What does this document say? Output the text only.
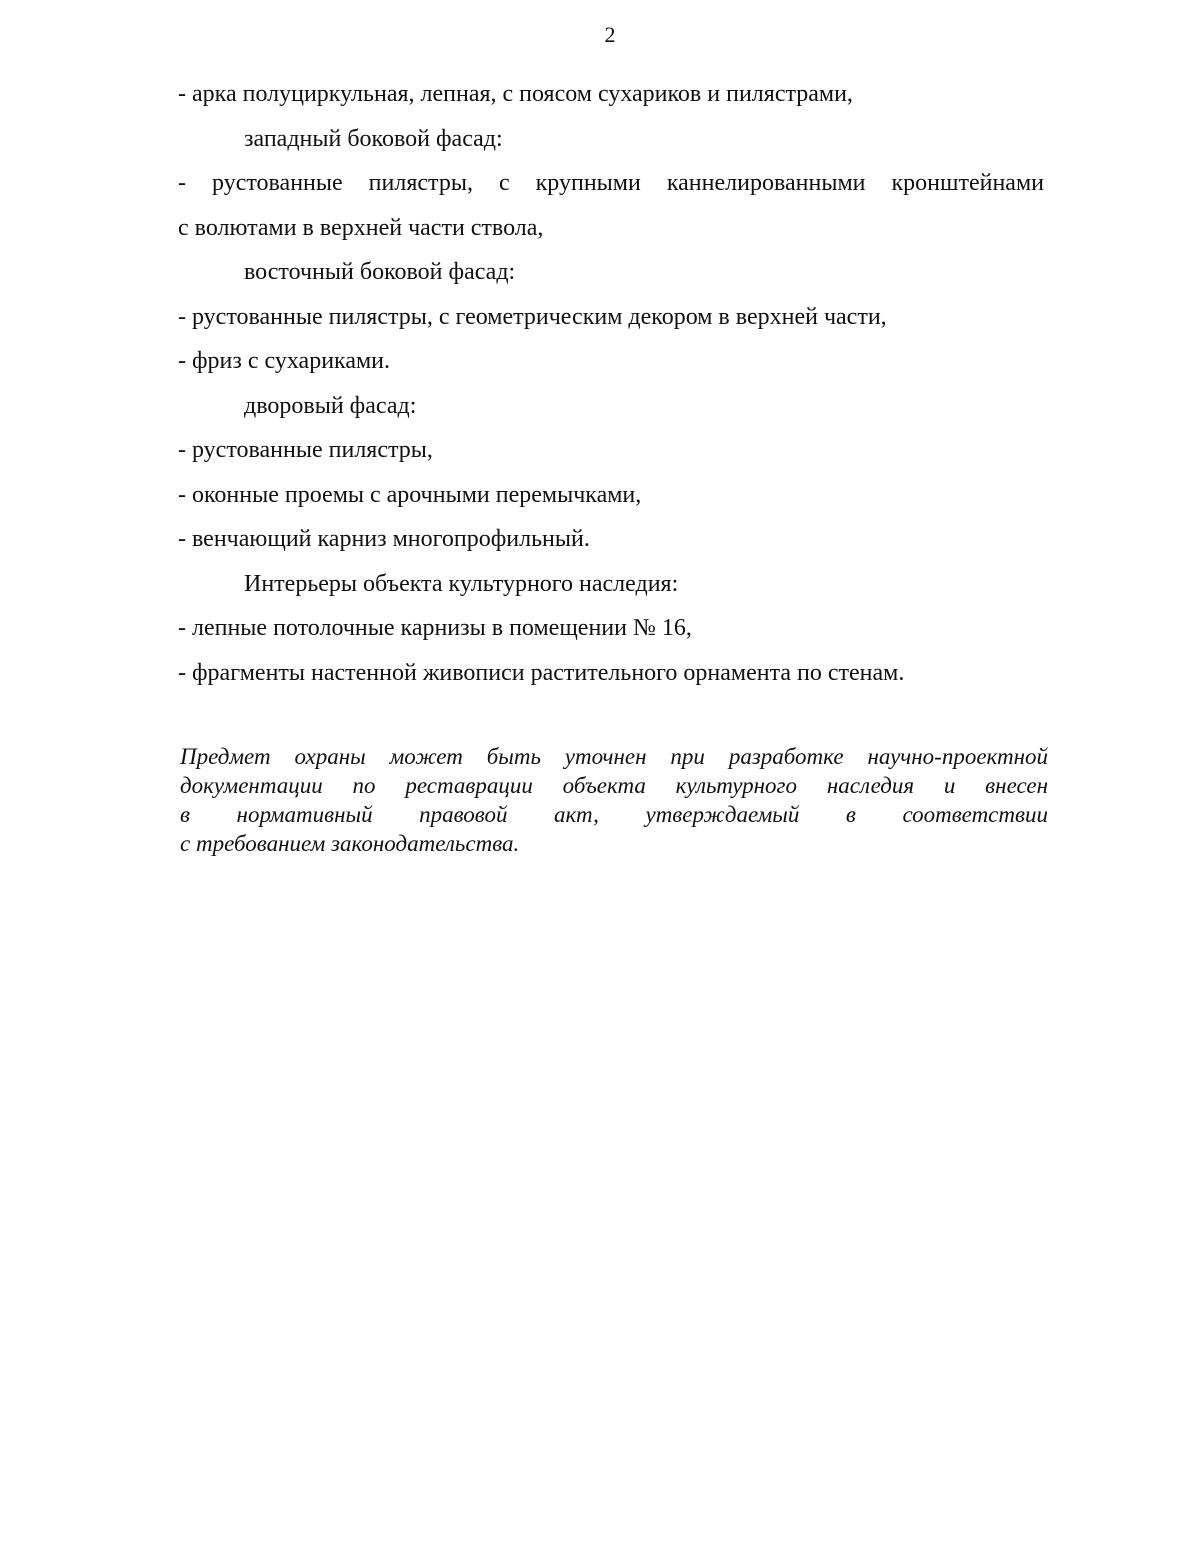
2
- арка полуциркульная, лепная, с поясом сухариков и пилястрами,
западный боковой фасад:
- рустованные пилястры, с крупными каннелированными кронштейнами
с волютами в верхней части ствола,
восточный боковой фасад:
- рустованные пилястры, с геометрическим декором в верхней части,
- фриз с сухариками.
дворовый фасад:
- рустованные пилястры,
- оконные проемы с арочными перемычками,
- венчающий карниз многопрофильный.
Интерьеры объекта культурного наследия:
- лепные потолочные карнизы в помещении № 16,
- фрагменты настенной живописи растительного орнамента по стенам.
Предмет охраны может быть уточнен при разработке научно-проектной
документации по реставрации объекта культурного наследия и внесен
в нормативный правовой акт, утверждаемый в соответствии
с требованием законодательства.
